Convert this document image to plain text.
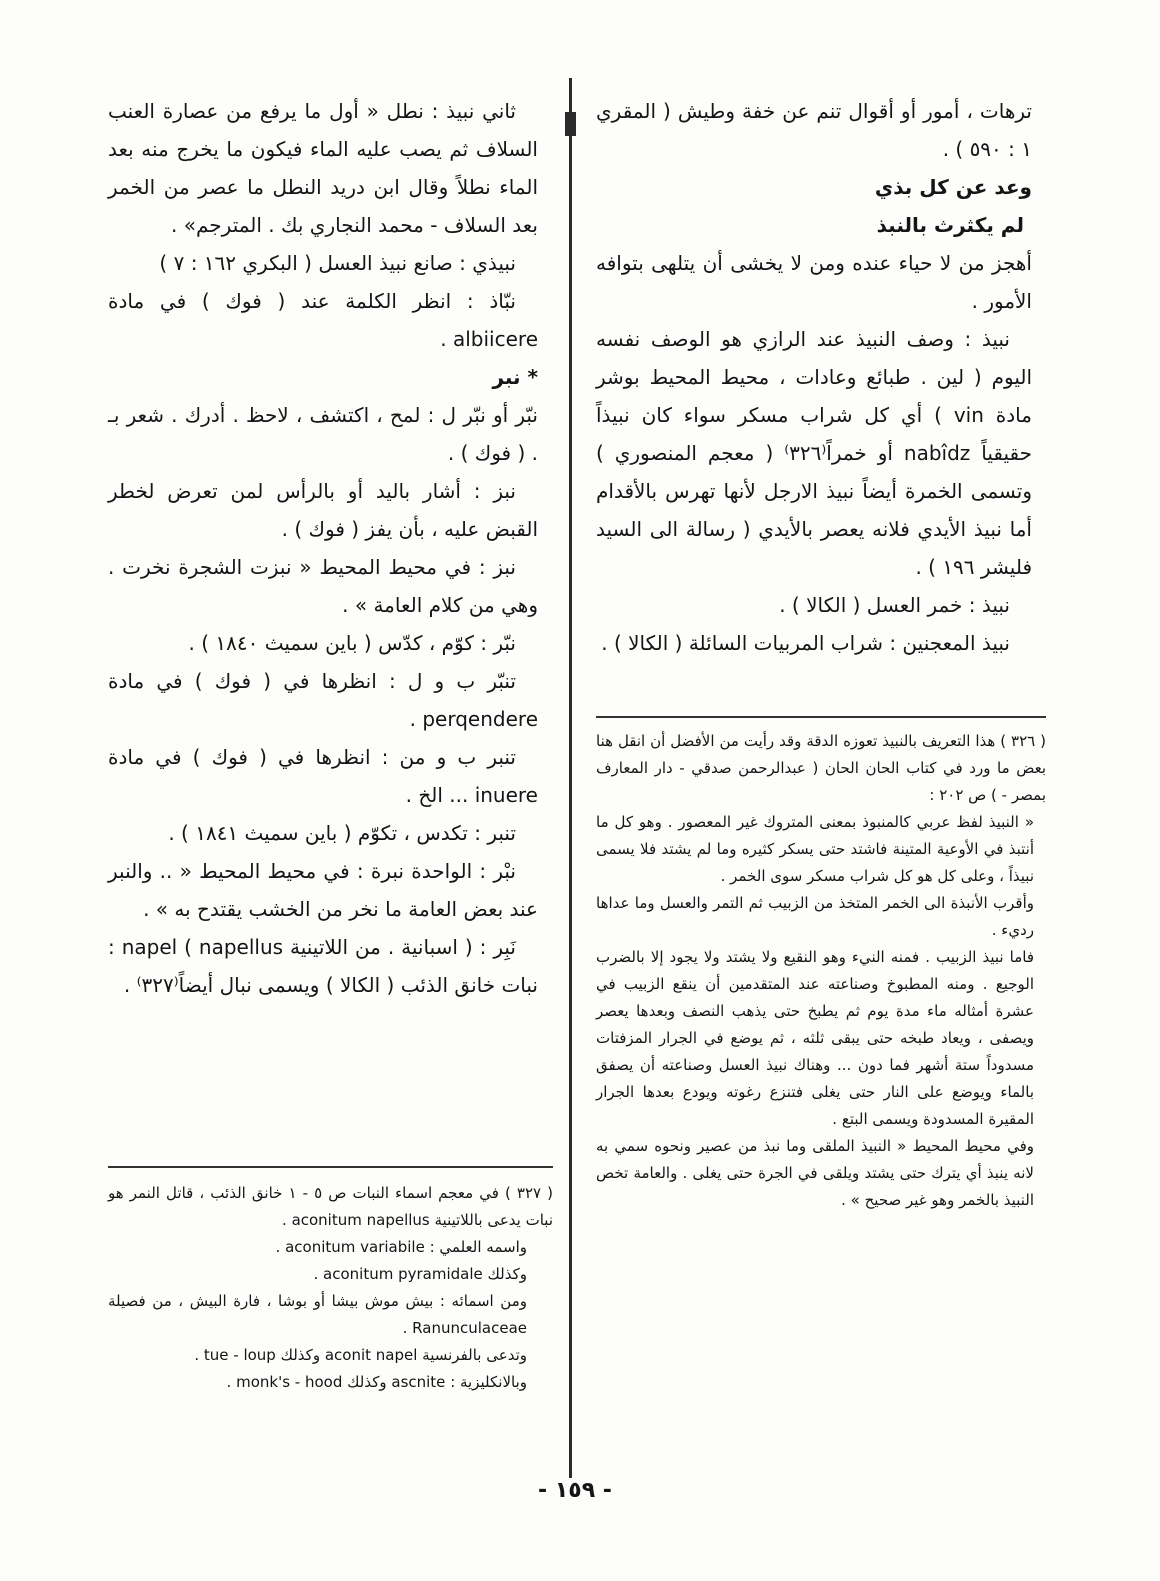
ترهات ، أمور أو أقوال تنم عن خفة وطيش ( المقري ١ : ٥٩٠ ) .

وعد عن كل بذي

لم يكثرث بالنبذ

أهجز من لا حياء عنده ومن لا يخشى أن يتلهى بتوافه الأمور .

نبيذ : وصف النبيذ عند الرازي هو الوصف نفسه اليوم ( لين . طبائع وعادات ، محيط المحيط بوشر مادة vin ) أي كل شراب مسكر سواء كان نبيذاً حقيقياً nabîdz أو خمراً⁽٣٢٦⁾ ( معجم المنصوري ) وتسمى الخمرة أيضاً نبيذ الارجل لأنها تهرس بالأقدام أما نبيذ الأيدي فلانه يعصر بالأيدي ( رسالة الى السيد فليشر ١٩٦ ) .

نبيذ : خمر العسل ( الكالا ) .

نبيذ المعجنين : شراب المربيات السائلة ( الكالا ) .

( ٣٢٦ ) هذا التعريف بالنبيذ تعوزه الدقة وقد رأيت من الأفضل أن انقل هنا بعض ما ورد في كتاب الحان الحان ( عبدالرحمن صدقي - دار المعارف بمصر - ) ص ٢٠٢ :

« النبيذ لفظ عربي كالمنبوذ بمعنى المتروك غير المعصور . وهو كل ما أنتبذ في الأوعية المتينة فاشتد حتى يسكر كثيره وما لم يشتد فلا يسمى نبيذاً ، وعلى كل هو كل شراب مسكر سوى الخمر .

وأقرب الأنبذة الى الخمر المتخذ من الزبيب ثم التمر والعسل وما عداها رديء .

فاما نبيذ الزبيب . فمنه النيء وهو النقيع ولا يشتد ولا يجود إلا بالضرب الوجيع . ومنه المطبوخ وصناعته عند المتقدمين أن ينقع الزبيب في عشرة أمثاله ماء مدة يوم ثم يطبخ حتى يذهب النصف وبعدها يعصر ويصفى ، ويعاد طبخه حتى يبقى ثلثه ، ثم يوضع في الجرار المزفتات مسدوداً ستة أشهر فما دون ... وهناك نبيذ العسل وصناعته أن يصفق بالماء ويوضع على النار حتى يغلى فتنزع رغوته ويودع بعدها الجرار المقيرة المسدودة ويسمى البتع .

وفي محيط المحيط « النبيذ الملقى وما نبذ من عصير ونحوه سمي به لانه ينبذ أي يترك حتى يشتد ويلقى في الجرة حتى يغلى . والعامة تخص النبيذ بالخمر وهو غير صحيح » .

ثاني نبيذ : نطل « أول ما يرفع من عصارة العنب السلاف ثم يصب عليه الماء فيكون ما يخرج منه بعد الماء نطلاً وقال ابن دريد النطل ما عصر من الخمر بعد السلاف - محمد النجاري بك . المترجم» .

نبيذي : صانع نبيذ العسل ( البكري ١٦٢ : ٧ )

نبّاذ : انظر الكلمة عند ( فوك ) في مادة albiicere .

* نبر

نبّر أو نبّر ل : لمح ، اكتشف ، لاحظ . أدرك . شعر بـ . ( فوك ) .

نبز : أشار باليد أو بالرأس لمن تعرض لخطر القبض عليه ، بأن يفز ( فوك ) .

نبز : في محيط المحيط « نبزت الشجرة نخرت . وهي من كلام العامة » .

نبّر : كوّم ، كدّس ( باين سميث ١٨٤٠ ) .

تنبّر ب و ل : انظرها في ( فوك ) في مادة perqendere .

تنبر ب و من : انظرها في ( فوك ) في مادة inuere ... الخ .

تنبر : تكدس ، تكوّم ( باين سميث ١٨٤١ ) .

نبْر : الواحدة نبرة : في محيط المحيط « .. والنبر عند بعض العامة ما نخر من الخشب يقتدح به » .

نَبِر : ( اسبانية . من اللاتينية napellus ) napel : نبات خانق الذئب ( الكالا ) ويسمى نبال أيضاً⁽٣٢٧⁾ .

( ٣٢٧ ) في معجم اسماء النبات ص ٥ - ١ خانق الذئب ، قاتل النمر هو نبات يدعى باللاتينية aconitum napellus .

واسمه العلمي : aconitum variabile .

وكذلك aconitum pyramidale .

ومن اسمائه : بيش موش بيشا أو بوشا ، فارة البيش ، من فصيلة Ranunculaceae .

وتدعى بالفرنسية aconit napel وكذلك tue - loup .

وبالانكليزية : ascnite وكذلك monk's - hood .

- ١٥٩ -
